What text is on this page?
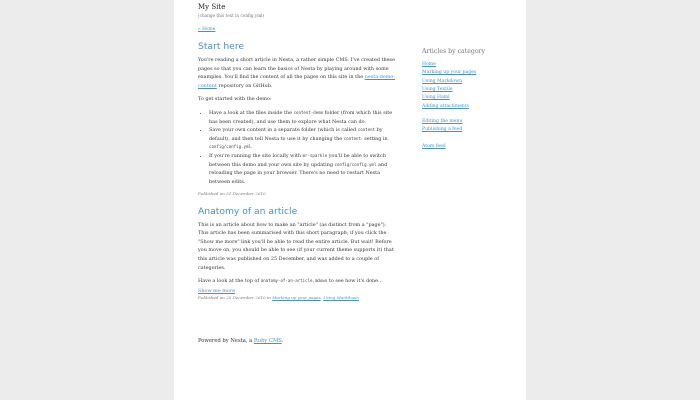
My Site
(change this text in config.yml)
« Home
Start here

You're reading a short article in Nesta, a rather simple CMS. I've created these pages so that you can learn the basics of Nesta by playing around with some examples. You'll find the content of all the pages on this site in the nesta-demo-content repository on GitHub.

To get started with the demo:

• Have a look at the files inside the content-demo folder (from which this site has been created), and use them to explore what Nesta can do.
• Save your own content in a separate folder (which is called content by default), and then tell Nesta to use it by changing the content: setting in config/config.yml.
• If you're running the site locally with mr-sparkle you'll be able to switch between this demo and your own site by updating config/config.yml and reloading the page in your browser. There's no need to restart Nesta between edits.
Published on 31 December 2010
Anatomy of an article

This is an article about how to make an "article" (as distinct from a "page"). This article has been summarised with this short paragraph; if you click the "Show me more" link you'll be able to read the entire article. But wait! Before you move on, you should be able to see (if your current theme supports it) that this article was published on 25 December, and was added to a couple of categories.

Have a look at the top of anatomy-of-an-article.mdown to see how it's done...

Show me more
Published on 25 December 2010 in Marking up your pages, Using Markdown
Articles by category
Home
Marking up your pages
Using Markdown
Using Textile
Using Haml
Adding attachments
Editing the menu
Publishing a feed
Atom feed
Powered by Nesta, a Ruby CMS.
